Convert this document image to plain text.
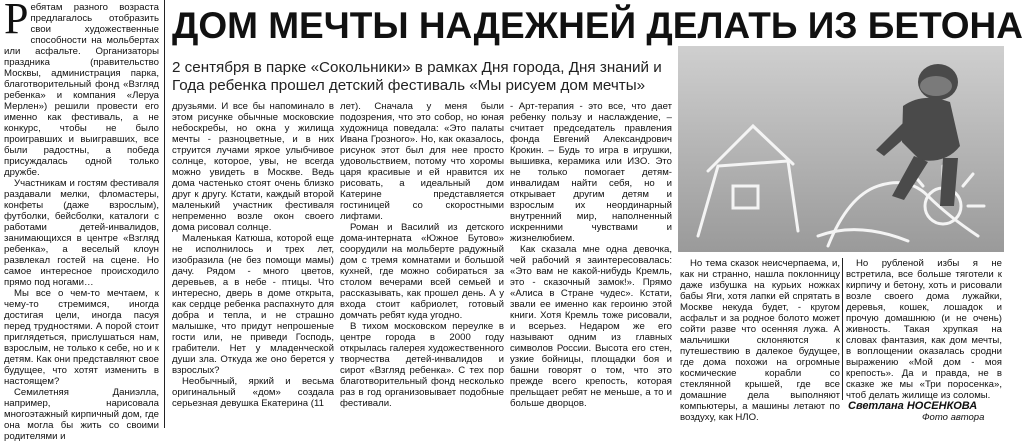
ДОМ МЕЧТЫ НАДЕЖНЕЙ ДЕЛАТЬ ИЗ БЕТОНА
2 сентября в парке «Сокольники» в рамках Дня города, Дня знаний и Года ребенка прошел детский фестиваль «Мы рисуем дом мечты»
Р ебятам разного возраста предлагалось отобразить свои художественные способности на мольбертах или асфальте. Организаторы праздника (правительство Москвы, администрация парка, благотворительный фонд «Взгляд ребенка» и компания «Леруа Мерлен») решили провести его именно как фестиваль, а не конкурс, чтобы не было проигравших и выигравших, все были радостны, а победа присуждалась одной только дружбе.

Участникам и гостям фестиваля раздавали мелки, фломастеры, конфеты (даже взрослым), футболки, бейсболки, каталоги с работами детей-инвалидов, занимающихся в центре «Взгляд ребенка», а веселый клоун развлекал гостей на сцене. Но самое интересное происходило прямо под ногами…

Мы все о чем-то мечтаем, к чему-то стремимся, иногда достигая цели, иногда пасуя перед трудностями. А порой стоит приглядеться, прислушаться нам, взрослым, не только к себе, но и к детям. Как они представляют свое будущее, что хотят изменить в настоящем?

Семилетняя Даниэлла, например, нарисовала многоэтажный кирпичный дом, где она могла бы жить со своими родителями и

друзьями. И все бы напоминало в этом рисунке обычные московские небоскребы, но окна у жилища мечты - разноцветные, и в них струится лучами яркое улыбчивое солнце, которое, увы, не всегда можно увидеть в Москве. Ведь дома частенько стоят очень близко друг к другу. Кстати, каждый второй маленький участник фестиваля непременно возле окон своего дома рисовал солнце.

Маленькая Катюша, которой еще не исполнилось и трех лет, изобразила (не без помощи мамы) дачу. Рядом - много цветов, деревьев, а в небе - птицы. Что интересно, дверь в доме открыта, как сердце ребенка распахнуто для добра и тепла, и не страшно малышке, что придут непрошеные гости или, не приведи Господь, грабители. Нет у младенческой души зла. Откуда же оно берется у взрослых?

Необычный, яркий и весьма оригинальный «дом» создала серьезная девушка Екатерина (11

лет). Сначала у меня были подозрения, что это собор, но юная художница поведала: «Это палаты Ивана Грозного». Но, как оказалось, рисунок этот был для нее просто удовольствием, потому что хоромы царя красивые и ей нравится их рисовать, а идеальный дом Катерине представляется гостиницей со скоростными лифтами.

Роман и Василий из детского дома-интерната «Южное Бутово» соорудили на мольберте радужный дом с тремя комнатами и большой кухней, где можно собираться за столом вечерами всей семьей и рассказывать, как прошел день. А у входа стоит кабриолет, готовый домчать ребят куда угодно.

В тихом московском переулке в центре города в 2000 году открылась галерея художественного творчества детей-инвалидов и сирот «Взгляд ребенка». С тех пор благотворительный фонд несколько раз в год организовывает подобные фестивали.

- Арт-терапия - это все, что дает ребенку пользу и наслаждение, – считает председатель правления фонда Евгений Александрович Крокин. – Будь то игра в игрушки, вышивка, керамика или ИЗО. Это не только помогает детям-инвалидам найти себя, но и открывает другим детям и взрослым их неординарный внутренний мир, наполненный искренними чувствами и жизнелюбием.

Как сказала мне одна девочка, чей рабочий я заинтересовалась: «Это вам не какой-нибудь Кремль, это - сказочный замок!». Прямо «Алиса в Стране чудес». Кстати, звали ее именно как героиню этой книги. Хотя Кремль тоже рисовали, и всерьез. Недаром же его называют одним из главных символов России. Высота его стен, узкие бойницы, площадки боя и башни говорят о том, что это прежде всего крепость, которая прельщает ребят не меньше, а то и больше дворцов.

Но тема сказок неисчерпаема, и, как ни странно, нашла поклонницу даже избушка на курьих ножках бабы Яги, хотя лапки ей спрятать в Москве некуда будет, - кругом асфальт и за родное болото может сойти разве что осенняя лужа. А мальчишки склоняются к путешествию в далекое будущее, где дома похожи на огромные космические корабли со стеклянной крышей, где все домашние дела выполняют компьютеры, а машины летают по воздуху, как НЛО.

Но рубленой избы я не встретила, все больше тяготели к кирпичу и бетону, хоть и рисовали возле своего дома лужайки, деревья, кошек, лошадок и прочую домашнюю (и не очень) живность. Такая хрупкая на словах фантазия, как дом мечты, в воплощении оказалась сродни выражению «Мой дом - моя крепость». Да и правда, не в сказке же мы «Три поросенка», чтоб делать жилище из соломы.

Светлана НОСЕНКОВА
Фото автора
